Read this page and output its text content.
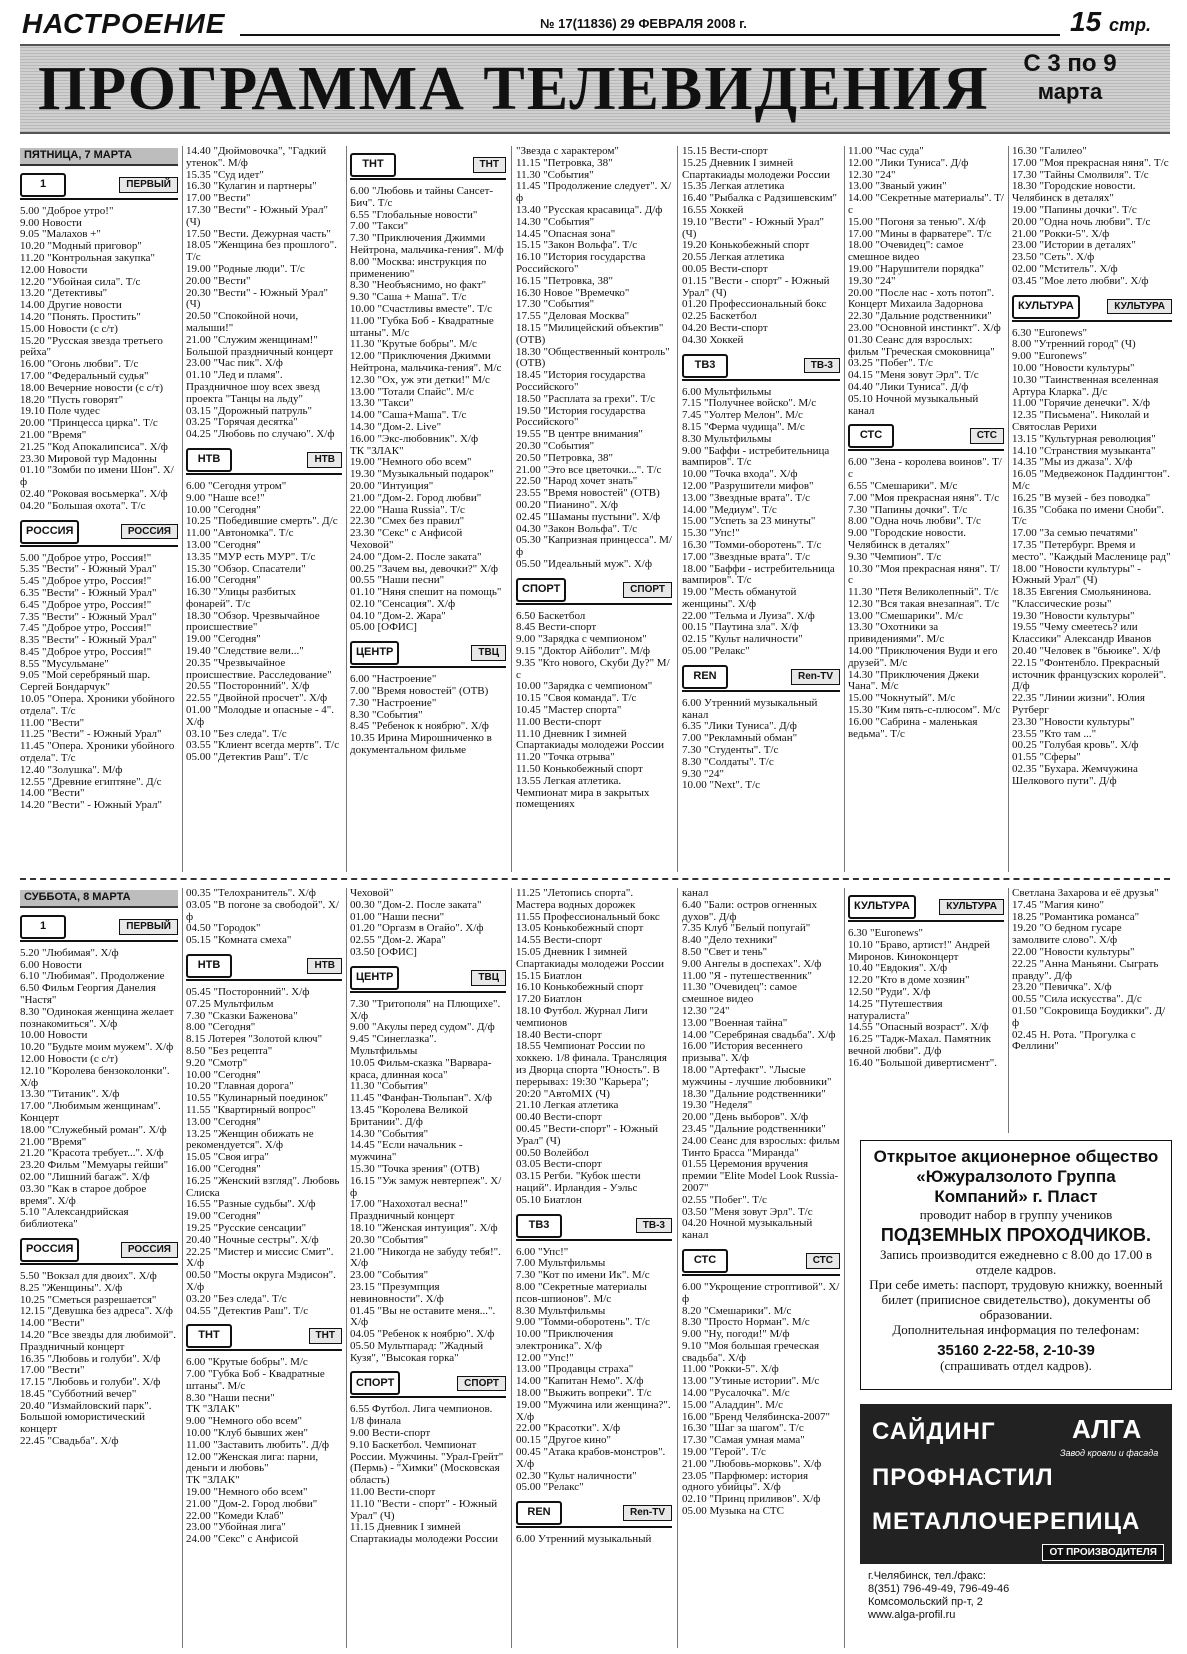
НАСТРОЕНИЕ	№ 17(11836) 29 ФЕВРАЛЯ 2008 г.	15 стр.
ПРОГРАММА ТЕЛЕВИДЕНИЯ	С 3 по 9
марта
ПЯТНИЦА, 7 МАРТА
1	ПЕРВЫЙ
5.00 "Доброе утро!"
9.00 Новости
9.05 "Малахов +"
10.20 "Модный приговор"
11.20 "Контрольная закупка"
12.00 Новости
12.20 "Убойная сила". Т/с
13.20 "Детективы"
14.00 Другие новости
14.20 "Понять. Простить"
15.00 Новости (с с/т)
15.20 "Русская звезда третьего рейха"
16.00 "Огонь любви". Т/с
17.00 "Федеральный судья"
18.00 Вечерние новости (с с/т)
18.20 "Пусть говорят"
19.10 Поле чудес
20.00 "Принцесса цирка". Т/с
21.00 "Время"
21.25 "Код Апокалипсиса". Х/ф
23.30 Мировой тур Мадонны
01.10 "Зомби по имени Шон". Х/ф
02.40 "Роковая восьмерка". Х/ф
04.20 "Большая охота". Т/с
РОССИЯ	РОССИЯ
5.00 "Доброе утро, Россия!"
5.35 "Вести" - Южный Урал"
5.45 "Доброе утро, Россия!"
6.35 "Вести" - Южный Урал"
6.45 "Доброе утро, Россия!"
7.35 "Вести" - Южный Урал"
7.45 "Доброе утро, Россия!"
8.35 "Вести" - Южный Урал"
8.45 "Доброе утро, Россия!"
8.55 "Мусульмане"
9.05 "Мой серебряный шар. Сергей Бондарчук"
10.05 "Опера. Хроники убойного отдела". Т/с
11.00 "Вести"
11.25 "Вести" - Южный Урал"
11.45 "Опера. Хроники убойного отдела". Т/с
12.40 "Золушка". М/ф
12.55 "Древние египтяне". Д/с
14.00 "Вести"
14.20 "Вести" - Южный Урал"
14.40 "Дюймовочка", "Гадкий утенок". М/ф
15.35 "Суд идет"
16.30 "Кулагин и партнеры"
17.00 "Вести"
17.30 "Вести" - Южный Урал" (Ч)
17.50 "Вести. Дежурная часть"
18.05 "Женщина без прошлого". Т/с
19.00 "Родные люди". Т/с
20.00 "Вести"
20.30 "Вести" - Южный Урал" (Ч)
20.50 "Спокойной ночи, малыши!"
21.00 "Служим женщинам!" Большой праздничный концерт
23.00 "Час пик". Х/ф
01.10 "Лед и пламя". Праздничное шоу всех звезд проекта "Танцы на льду"
03.15 "Дорожный патруль"
03.25 "Горячая десятка"
04.25 "Любовь по случаю". Х/ф
НТВ	НТВ
6.00 "Сегодня утром"
9.00 "Наше все!"
10.00 "Сегодня"
10.25 "Победившие смерть". Д/с
11.00 "Автономка". Т/с
13.00 "Сегодня"
13.35 "МУР есть МУР". Т/с
15.30 "Обзор. Спасатели"
16.00 "Сегодня"
16.30 "Улицы разбитых фонарей". Т/с
18.30 "Обзор. Чрезвычайное происшествие"
19.00 "Сегодня"
19.40 "Следствие вели..."
20.35 "Чрезвычайное происшествие. Расследование"
20.55 "Посторонний". Х/ф
22.55 "Двойной просчет". Х/ф
01.00 "Молодые и опасные - 4". Х/ф
03.10 "Без следа". Т/с
03.55 "Клиент всегда мертв". Т/с
05.00 "Детектив Раш". Т/с
ТНТ	ТНТ
6.00 "Любовь и тайны Сансет-Бич". Т/с
6.55 "Глобальные новости"
7.00 "Такси"
7.30 "Приключения Джимми Нейтрона, мальчика-гения". М/ф
8.00 "Москва: инструкция по применению"
8.30 "Необъяснимо, но факт"
9.30 "Саша + Маша". Т/с
10.00 "Счастливы вместе". Т/с
11.00 "Губка Боб - Квадратные штаны". М/с
11.30 "Крутые бобры". М/с
12.00 "Приключения Джимми Нейтрона, мальчика-гения". М/с
12.30 "Ох, уж эти детки!" М/с
13.00 "Тотали Спайс". М/с
13.30 "Такси"
14.00 "Саша+Маша". Т/с
14.30 "Дом-2. Live"
16.00 "Экс-любовник". Х/ф
ТК "ЗЛАК"
19.00 "Немного обо всем"
19.30 "Музыкальный подарок"
20.00 "Интуиция"
21.00 "Дом-2. Город любви"
22.00 "Наша Russia". Т/с
22.30 "Смех без правил"
23.30 "Секс" с Анфисой Чеховой"
24.00 "Дом-2. После заката"
00.25 "Зачем вы, девочки?" Х/ф
00.55 "Наши песни"
01.10 "Няня спешит на помощь"
02.10 "Сенсация". Х/ф
04.10 "Дом-2. Жара"
05.00 [ОФИС]
ЦЕНТР	ТВЦ
6.00 "Настроение"
7.00 "Время новостей" (ОТВ)
7.30 "Настроение"
8.30 "События"
8.45 "Ребенок к ноябрю". Х/ф
10.35 Ирина Мирошниченко в документальном фильме
"Звезда с характером"
11.15 "Петровка, 38"
11.30 "События"
11.45 "Продолжение следует". Х/ф
13.40 "Русская красавица". Д/ф
14.30 "События"
14.45 "Опасная зона"
15.15 "Закон Вольфа". Т/с
16.10 "История государства Российского"
16.15 "Петровка, 38"
16.30 Новое "Времечко"
17.30 "События"
17.55 "Деловая Москва"
18.15 "Милицейский объектив" (ОТВ)
18.30 "Общественный контроль" (ОТВ)
18.45 "История государства Российского"
18.50 "Расплата за грехи". Т/с
19.50 "История государства Российского"
19.55 "В центре внимания"
20.30 "События"
20.50 "Петровка, 38"
21.00 "Это все цветочки...". Т/с
22.50 "Народ хочет знать"
23.55 "Время новостей" (ОТВ)
00.20 "Пианино". Х/ф
02.45 "Шаманы пустыни". Х/ф
04.30 "Закон Вольфа". Т/с
05.30 "Капризная принцесса". М/ф
05.50 "Идеальный муж". Х/ф
СПОРТ	СПОРТ
6.50 Баскетбол
8.45 Вести-спорт
9.00 "Зарядка с чемпионом"
9.15 "Доктор Айболит". М/ф
9.35 "Кто нового, Скуби Ду?" М/с
10.00 "Зарядка с чемпионом"
10.15 "Своя команда". Т/с
10.45 "Мастер спорта"
11.00 Вести-спорт
11.10 Дневник I зимней Спартакиады молодежи России
11.20 "Точка отрыва"
11.50 Конькобежный спорт
13.55 Легкая атлетика. Чемпионат мира в закрытых помещениях
15.15 Вести-спорт
15.25 Дневник I зимней Спартакиады молодежи России
15.35 Легкая атлетика
16.40 "Рыбалка с Радзишевским"
16.55 Хоккей
19.10 "Вести" - Южный Урал" (Ч)
19.20 Конькобежный спорт
20.55 Легкая атлетика
00.05 Вести-спорт
01.15 "Вести - спорт" - Южный Урал" (Ч)
01.20 Профессиональный бокс
02.25 Баскетбол
04.20 Вести-спорт
04.30 Хоккей
ТВ3	ТВ-3
6.00 Мультфильмы
7.15 "Получнее войско". М/с
7.45 "Уолтер Мелон". М/с
8.15 "Ферма чудища". М/с
8.30 Мультфильмы
9.00 "Баффи - истребительница вампиров". Т/с
10.00 "Точка входа". Х/ф
12.00 "Разрушители мифов"
13.00 "Звездные врата". Т/с
14.00 "Медиум". Т/с
15.00 "Успеть за 23 минуты"
15.30 "Упс!"
16.30 "Томми-оборотень". Т/с
17.00 "Звездные врата". Т/с
18.00 "Баффи - истребительница вампиров". Т/с
19.00 "Месть обманутой женщины". Х/ф
22.00 "Тельма и Луиза". Х/ф
00.15 "Паутина зла". Х/ф
02.15 "Культ наличности"
05.00 "Релакс"
REN	Ren-TV
6.00 Утренний музыкальный канал
6.35 "Лики Туниса". Д/ф
7.00 "Рекламный обман"
7.30 "Студенты". Т/с
8.30 "Солдаты". Т/с
9.30 "24"
10.00 "Next". Т/с
11.00 "Час суда"
12.00 "Лики Туниса". Д/ф
12.30 "24"
13.00 "Званый ужин"
14.00 "Секретные материалы". Т/с
15.00 "Погоня за тенью". Х/ф
17.00 "Мины в фарватере". Т/с
18.00 "Очевидец": самое смешное видео
19.00 "Нарушители порядка"
19.30 "24"
20.00 "После нас - хоть потоп". Концерт Михаила Задорнова
22.30 "Дальние родственники"
23.00 "Основной инстинкт". Х/ф
01.30 Сеанс для взрослых: фильм "Греческая смоковница"
03.25 "Побег". Т/с
04.15 "Меня зовут Эрл". Т/с
04.40 "Лики Туниса". Д/ф
05.10 Ночной музыкальный канал
СТС	СТС
6.00 "Зена - королева воинов". Т/с
6.55 "Смешарики". М/с
7.00 "Моя прекрасная няня". Т/с
7.30 "Папины дочки". Т/с
8.00 "Одна ночь любви". Т/с
9.00 "Городские новости. Челябинск в деталях"
9.30 "Чемпион". Т/с
10.30 "Моя прекрасная няня". Т/с
11.30 "Петя Великолепный". Т/с
12.30 "Вся такая внезапная". Т/с
13.00 "Смешарики". М/с
13.30 "Охотники за привидениями". М/с
14.00 "Приключения Вуди и его друзей". М/с
14.30 "Приключения Джеки Чана". М/с
15.00 "Чокнутый". М/с
15.30 "Ким пять-с-плюсом". М/с
16.00 "Сабрина - маленькая ведьма". Т/с
16.30 "Галилео"
17.00 "Моя прекрасная няня". Т/с
17.30 "Тайны Смолвиля". Т/с
18.30 "Городские новости. Челябинск в деталях"
19.00 "Папины дочки". Т/с
20.00 "Одна ночь любви". Т/с
21.00 "Рокки-5". Х/ф
23.00 "Истории в деталях"
23.50 "Сеть". Х/ф
02.00 "Мститель". Х/ф
03.45 "Мое лето любви". Х/ф
КУЛЬТУРА	КУЛЬТУРА
6.30 "Euronews"
8.00 "Утренний город" (Ч)
9.00 "Euronews"
10.00 "Новости культуры"
10.30 "Таинственная вселенная Артура Кларка". Д/с
11.00 "Горячие денечки". Х/ф
12.35 "Письмена". Николай и Святослав Рерихи
13.15 "Культурная революция"
14.10 "Странствия музыканта"
14.35 "Мы из джаза". Х/ф
16.05 "Медвежонок Паддингтон". М/с
16.25 "В музей - без поводка"
16.35 "Собака по имени Сноби". Т/с
17.00 "За семью печатями"
17.35 "Петербург. Время и место". "Каждый Масленице рад"
18.00 "Новости культуры" - Южный Урал" (Ч)
18.35 Евгения Смольянинова. "Классические розы"
19.30 "Новости культуры"
19.55 "Чему смеетесь? или Классики" Александр Иванов
20.40 "Человек в "бьюике". Х/ф
22.15 "Фонтенбло. Прекрасный источник французских королей". Д/ф
22.35 "Линии жизни". Юлия Рутберг
23.30 "Новости культуры"
23.55 "Кто там ..."
00.25 "Голубая кровь". Х/ф
01.55 "Сферы"
02.35 "Бухара. Жемчужина Шелкового пути". Д/ф
СУББОТА, 8 МАРТА
1	ПЕРВЫЙ
5.20 "Любимая". Х/ф
6.00 Новости
6.10 "Любимая". Продолжение
6.50 Фильм Георгия Данелия "Настя"
8.30 "Одинокая женщина желает познакомиться". Х/ф
10.00 Новости
10.20 "Будьте моим мужем". Х/ф
12.00 Новости (с с/т)
12.10 "Королева бензоколонки". Х/ф
13.30 "Титаник". Х/ф
17.00 "Любимым женщинам". Концерт
18.00 "Служебный роман". Х/ф
21.00 "Время"
21.20 "Красота требует...". Х/ф
23.20 Фильм "Мемуары гейши"
02.00 "Лишний багаж". Х/ф
03.30 "Как в старое доброе время". Х/ф
5.10 "Александрийская библиотека"
РОССИЯ	РОССИЯ
5.50 "Вокзал для двоих". Х/ф
8.25 "Женщины". Х/ф
10.25 "Сметься разрешается"
12.15 "Девушка без адреса". Х/ф
14.00 "Вести"
14.20 "Все звезды для любимой". Праздничный концерт
16.35 "Любовь и голуби". Х/ф
17.00 "Вести"
17.15 "Любовь и голуби". Х/ф
18.45 "Субботний вечер"
20.40 "Измайловский парк". Большой юмористический концерт
22.45 "Свадьба". Х/ф
00.35 "Телохранитель". Х/ф
03.05 "В погоне за свободой". Х/ф
04.50 "Городок"
05.15 "Комната смеха"
НТВ	НТВ
05.45 "Посторонний". Х/ф
07.25 Мультфильм
7.30 "Сказки Баженова"
8.00 "Сегодня"
8.15 Лотерея "Золотой ключ"
8.50 "Без рецепта"
9.20 "Смотр"
10.00 "Сегодня"
10.20 "Главная дорога"
10.55 "Кулинарный поединок"
11.55 "Квартирный вопрос"
13.00 "Сегодня"
13.25 "Женщин обижать не рекомендуется". Х/ф
15.05 "Своя игра"
16.00 "Сегодня"
16.25 "Женский взгляд". Любовь Слиска
16.55 "Разные судьбы". Х/ф
19.00 "Сегодня"
19.25 "Русские сенсации"
20.40 "Ночные сестры". Х/ф
22.25 "Мистер и миссис Смит". Х/ф
00.50 "Мосты округа Мэдисон". Х/ф
03.20 "Без следа". Т/с
04.55 "Детектив Раш". Т/с
ТНТ	ТНТ
6.00 "Крутые бобры". М/с
7.00 "Губка Боб - Квадратные штаны". М/с
8.30 "Наши песни"
ТК "ЗЛАК"
9.00 "Немного обо всем"
10.00 "Клуб бывших жен"
11.00 "Заставить любить". Д/ф
12.00 "Женская лига: парни, деньги и любовь"
ТК "ЗЛАК"
19.00 "Немного обо всем"
21.00 "Дом-2. Город любви"
22.00 "Комеди Клаб"
23.00 "Убойная лига"
24.00 "Секс" с Анфисой
Чеховой"
00.30 "Дом-2. После заката"
01.00 "Наши песни"
01.20 "Оргазм в Огайо". Х/ф
02.55 "Дом-2. Жара"
03.50 [ОФИС]
ЦЕНТР	ТВЦ
7.30 "Тритополя" на Плющихе". Х/ф
9.00 "Акулы перед судом". Д/ф
9.45 "Синеглазка". Мультфильмы
10.05 Фильм-сказка "Варвара-краса, длинная коса"
11.30 "События"
11.45 "Фанфан-Тюльпан". Х/ф
13.45 "Королева Великой Британии". Д/ф
14.30 "События"
14.45 "Если начальник - мужчина"
15.30 "Точка зрения" (ОТВ)
16.15 "Уж замуж невтерпеж". Х/ф
17.00 "Нахохотал весна!" Праздничный концерт
18.10 "Женская интуиция". Х/ф
20.30 "События"
21.00 "Никогда не забуду тебя!". Х/ф
23.00 "События"
23.15 "Презумпция невиновности". Х/ф
01.45 "Вы не оставите меня...". Х/ф
04.05 "Ребенок к ноябрю". Х/ф
05.50 Мультпарад: "Жадный Кузя", "Высокая горка"
СПОРТ	СПОРТ
6.55 Футбол. Лига чемпионов. 1/8 финала
9.00 Вести-спорт
9.10 Баскетбол. Чемпионат России. Мужчины. "Урал-Грейт" (Пермь) - "Химки" (Московская область)
11.00 Вести-спорт
11.10 "Вести - спорт" - Южный Урал" (Ч)
11.15 Дневник I зимней Спартакиады молодежи России
11.25 "Летопись спорта". Мастера водных дорожек
11.55 Профессиональный бокс
13.05 Конькобежный спорт
14.55 Вести-спорт
15.05 Дневник I зимней Спартакиады молодежи России
15.15 Биатлон
16.10 Конькобежный спорт
17.20 Биатлон
18.10 Футбол. Журнал Лиги чемпионов
18.40 Вести-спорт
18.55 Чемпионат России по хоккею. 1/8 финала. Трансляция из Дворца спорта "Юность". В перерывах: 19:30 "Карьера"; 20:20 "АвтоМIX (Ч)
21.10 Легкая атлетика
00.40 Вести-спорт
00.45 "Вести-спорт" - Южный Урал" (Ч)
00.50 Волейбол
03.05 Вести-спорт
03.15 Регби. "Кубок шести наций". Ирландия - Уэльс
05.10 Биатлон
ТВ3	ТВ-3
6.00 "Упс!"
7.00 Мультфильмы
7.30 "Кот по имени Ик". М/с
8.00 "Секретные материалы псов-шпионов". М/с
8.30 Мультфильмы
9.00 "Томми-оборотень". Т/с
10.00 "Приключения электроника". Х/ф
12.00 "Упс!"
13.00 "Продавцы страха"
14.00 "Капитан Немо". Х/ф
18.00 "Выжить вопреки". Т/с
19.00 "Мужчина или женщина?". Х/ф
22.00 "Красотки". Х/ф
00.15 "Другое кино"
00.45 "Атака крабов-монстров". Х/ф
02.30 "Культ наличности"
05.00 "Релакс"
REN	Ren-TV
6.00 Утренний музыкальный
канал
6.40 "Бали: остров огненных духов". Д/ф
7.35 Клуб "Белый попугай"
8.40 "Дело техники"
8.50 "Свет и тень"
9.00 Ангелы в доспехах". Х/ф
11.00 "Я - путешественник"
11.30 "Очевидец": самое смешное видео
12.30 "24"
13.00 "Военная тайна"
14.00 "Серебряная свадьба". Х/ф
16.00 "История весеннего призыва". Х/ф
18.00 "Артефакт". "Лысые мужчины - лучшие любовники"
18.30 "Дальние родственники"
19.30 "Неделя"
20.00 "День выборов". Х/ф
23.45 "Дальние родственники"
24.00 Сеанс для взрослых: фильм Тинто Брасса "Миранда"
01.55 Церемония вручения премии "Elite Model Look Russia-2007"
02.55 "Побег". Т/с
03.50 "Меня зовут Эрл". Т/с
04.20 Ночной музыкальный канал
СТС	СТС
6.00 "Укрощение строптивой". Х/ф
8.20 "Смешарики". М/с
8.30 "Просто Норман". М/с
9.00 "Ну, погоди!" М/ф
9.10 "Моя большая греческая свадьба". Х/ф
11.00 "Рокки-5". Х/ф
13.00 "Утиные истории". М/с
14.00 "Русалочка". М/с
15.00 "Аладдин". М/с
16.00 "Бренд Челябинска-2007"
16.30 "Шаг за шагом". Т/с
17.30 "Самая умная мама"
19.00 "Герой". Т/с
21.00 "Любовь-морковь". Х/ф
23.05 "Парфюмер: история одного убийцы". Х/ф
02.10 "Принц приливов". Х/ф
05.00 Музыка на СТС
КУЛЬТУРА	КУЛЬТУРА
6.30 "Euronews"
10.10 "Браво, артист!" Андрей Миронов. Киноконцерт
10.40 "Евдокия". Х/ф
12.20 "Кто в доме хозяин"
12.50 "Руди". Х/ф
14.25 "Путешествия натуралиста"
14.55 "Опасный возраст". Х/ф
16.25 "Тадж-Махал. Памятник вечной любви". Д/ф
16.40 "Большой дивертисмент".
Светлана Захарова и её друзья"
17.45 "Магия кино"
18.25 "Романтика романса"
19.20 "О бедном гусаре замолвите слово". Х/ф
22.00 "Новости культуры"
22.25 "Анна Маньяни. Сыграть правду". Д/ф
23.20 "Певичка". Х/ф
00.55 "Сила искусства". Д/с
01.50 "Сокровища Боудикки". Д/ф
02.45 Н. Рота. "Прогулка с Феллини"
Открытое акционерное общество
«Южуралзолото Группа
Компаний» г. Пласт
проводит набор в группу учеников
ПОДЗЕМНЫХ ПРОХОДЧИКОВ.
Запись производится ежедневно с 8.00 до 17.00 в отделе кадров.
При себе иметь: паспорт, трудовую книжку, военный билет (приписное свидетельство), документы об образовании.
Дополнительная информация по телефонам:
35160 2-22-58, 2-10-39
(спрашивать отдел кадров).
САЙДИНГ	АЛГА
Завод кровли и фасада
ПРОФНАСТИЛ
МЕТАЛЛОЧЕРЕПИЦА
ОТ ПРОИЗВОДИТЕЛЯ
г.Челябинск, тел./факс:
8(351) 796-49-49, 796-49-46
Комсомольский пр-т, 2
www.alga-profil.ru
